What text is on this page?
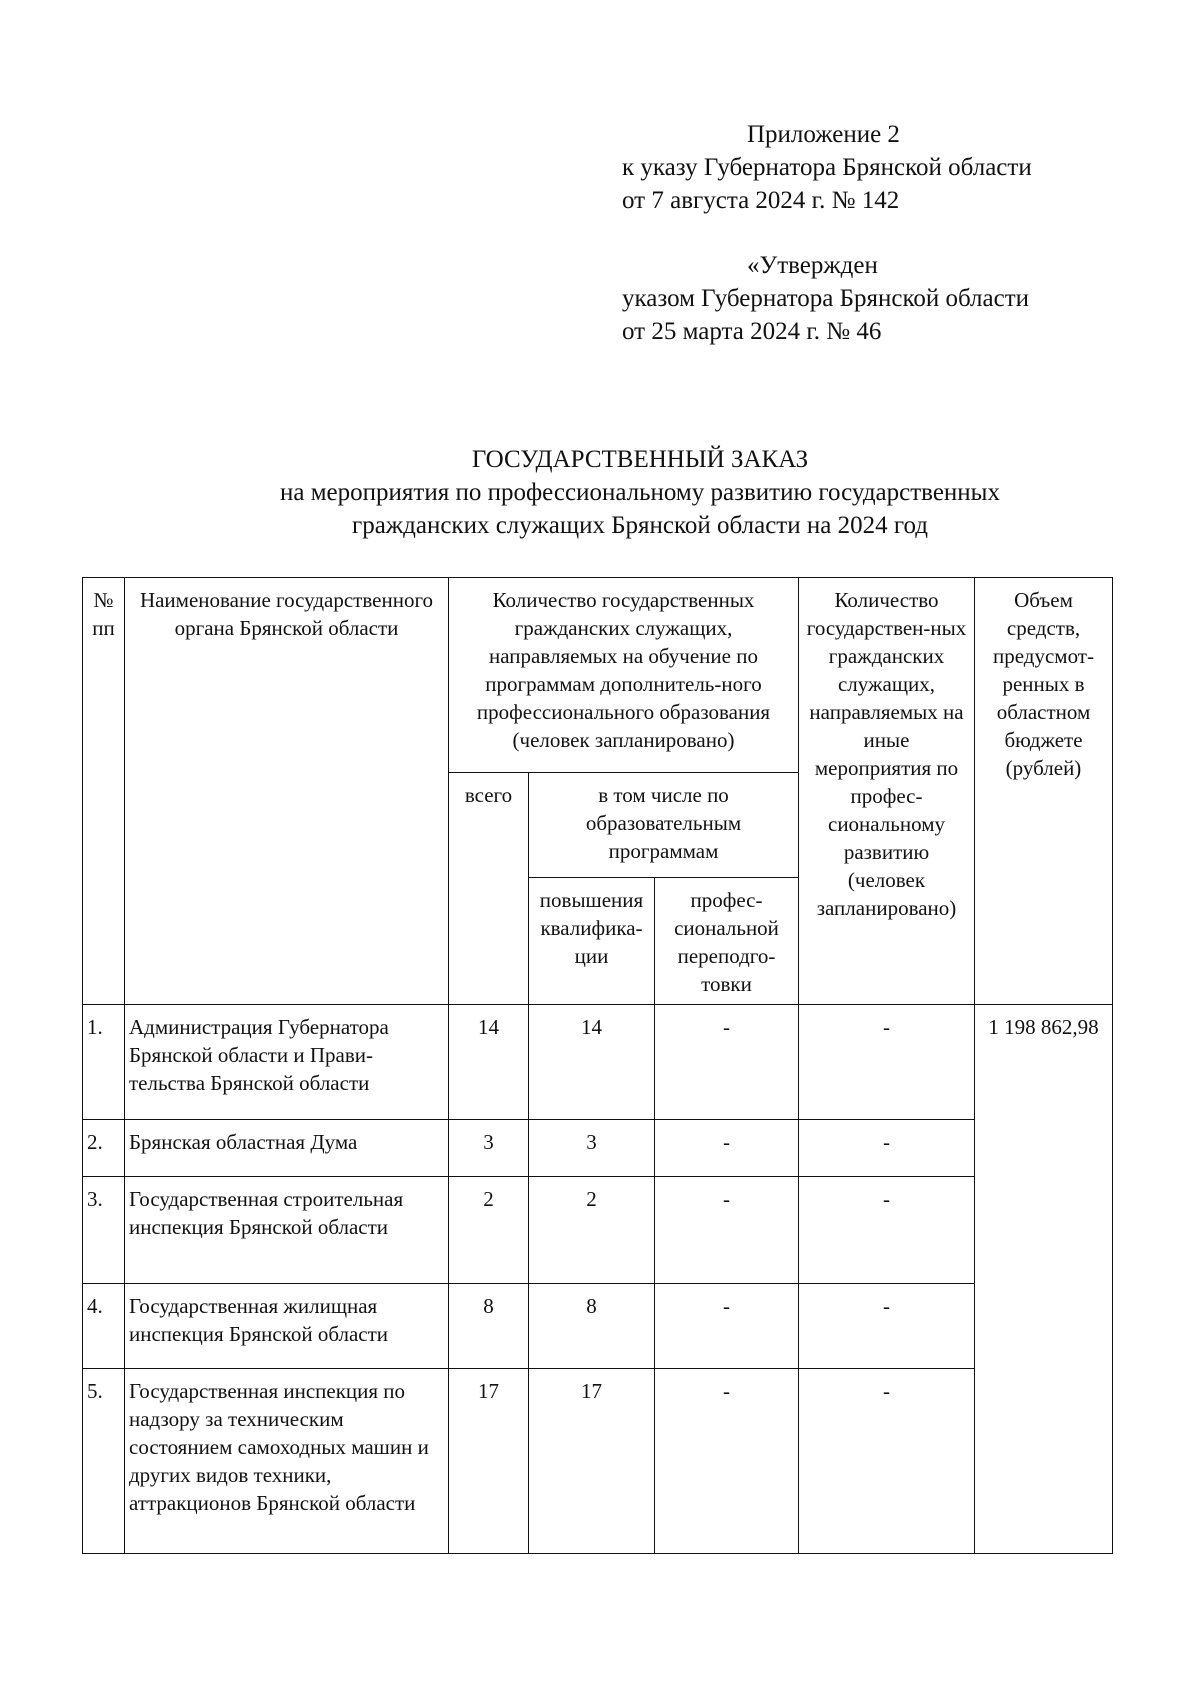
Приложение 2
к указу Губернатора Брянской области
от 7 августа 2024 г. № 142
«Утвержден
указом Губернатора Брянской области
от 25 марта 2024 г. № 46
ГОСУДАРСТВЕННЫЙ ЗАКАЗ
на мероприятия по профессиональному развитию государственных
гражданских служащих Брянской области на 2024 год
№ пп	Наименование государственного органа Брянской области	Количество государственных гражданских служащих, направляемых на обучение по программам дополнитель-ного профессионального образования (человек запланировано)			Количество государствен-ных гражданских служащих, направляемых на иные мероприятия по профес-сиональному развитию (человек запланировано)	Объем средств, предусмот-ренных в областном бюджете (рублей)
		всего	в том числе по образовательным программам			
			повышения квалифика-ции	профес-сиональной переподго-товки		
1.	Администрация Губернатора Брянской области и Прави-тельства Брянской области	14	14	-	-	1 198 862,98
2.	Брянская областная Дума	3	3	-	-	
3.	Государственная строительная инспекция Брянской области	2	2	-	-	
4.	Государственная жилищная инспекция Брянской области	8	8	-	-	
5.	Государственная инспекция по надзору за техническим состоянием самоходных машин и других видов техники, аттракционов Брянской области	17	17	-	-	
